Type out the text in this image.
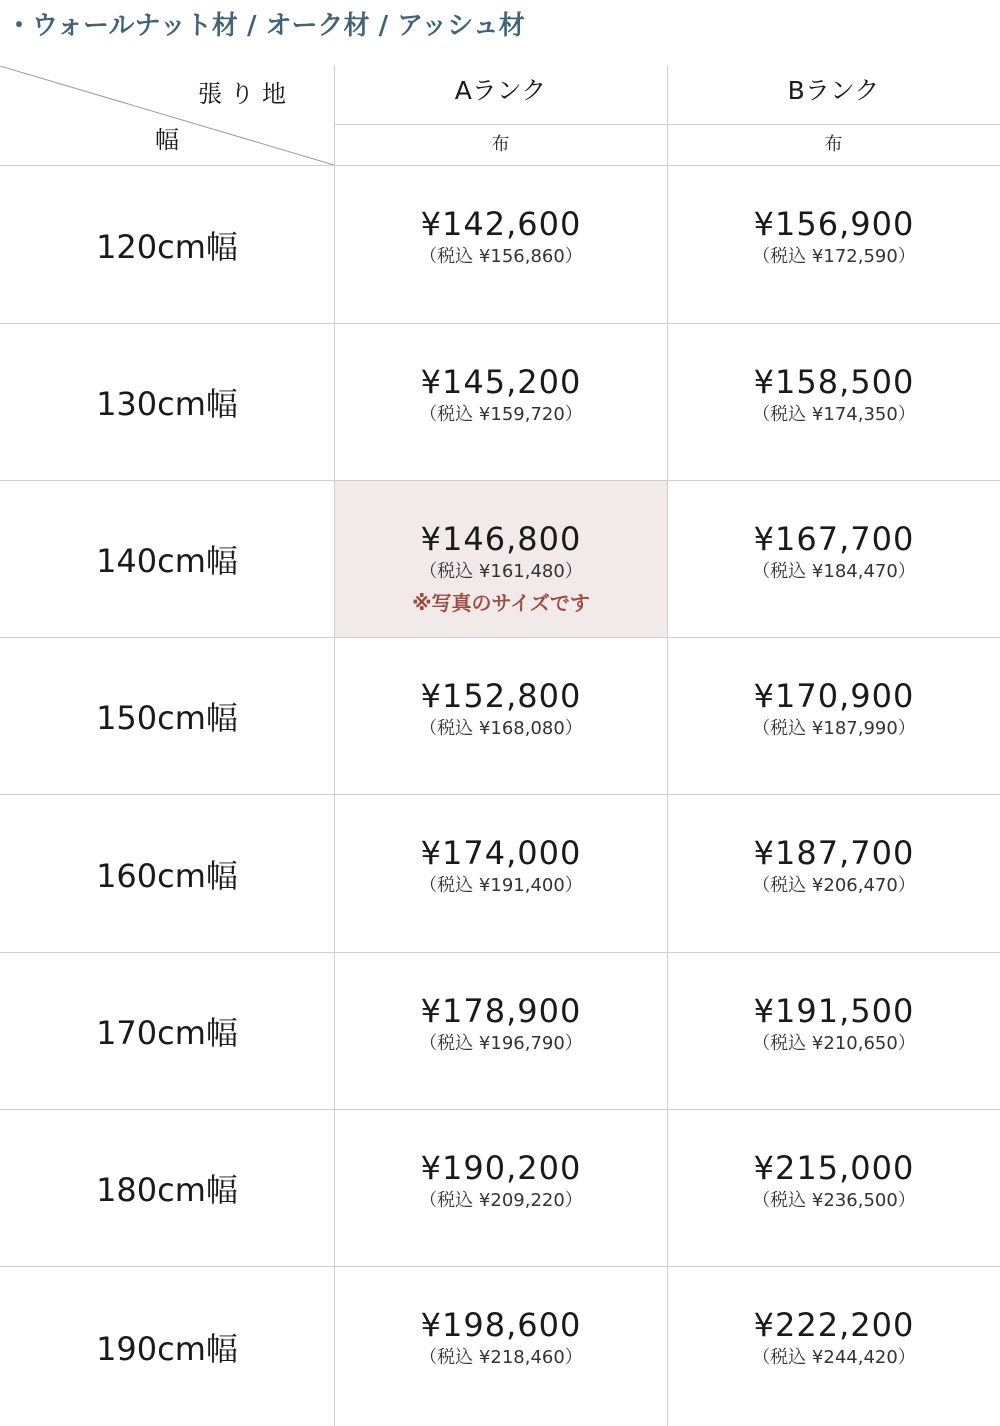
・ウォールナット材 / オーク材 / アッシュ材
張り地
幅
Aランク	Bランク
布	布
120cm幅
¥142,600
（税込 ¥156,860）
¥156,900
（税込 ¥172,590）
130cm幅
¥145,200
（税込 ¥159,720）
¥158,500
（税込 ¥174,350）
140cm幅
¥146,800
（税込 ¥161,480）
※写真のサイズです
¥167,700
（税込 ¥184,470）
150cm幅
¥152,800
（税込 ¥168,080）
¥170,900
（税込 ¥187,990）
160cm幅
¥174,000
（税込 ¥191,400）
¥187,700
（税込 ¥206,470）
170cm幅
¥178,900
（税込 ¥196,790）
¥191,500
（税込 ¥210,650）
180cm幅
¥190,200
（税込 ¥209,220）
¥215,000
（税込 ¥236,500）
190cm幅
¥198,600
（税込 ¥218,460）
¥222,200
（税込 ¥244,420）
